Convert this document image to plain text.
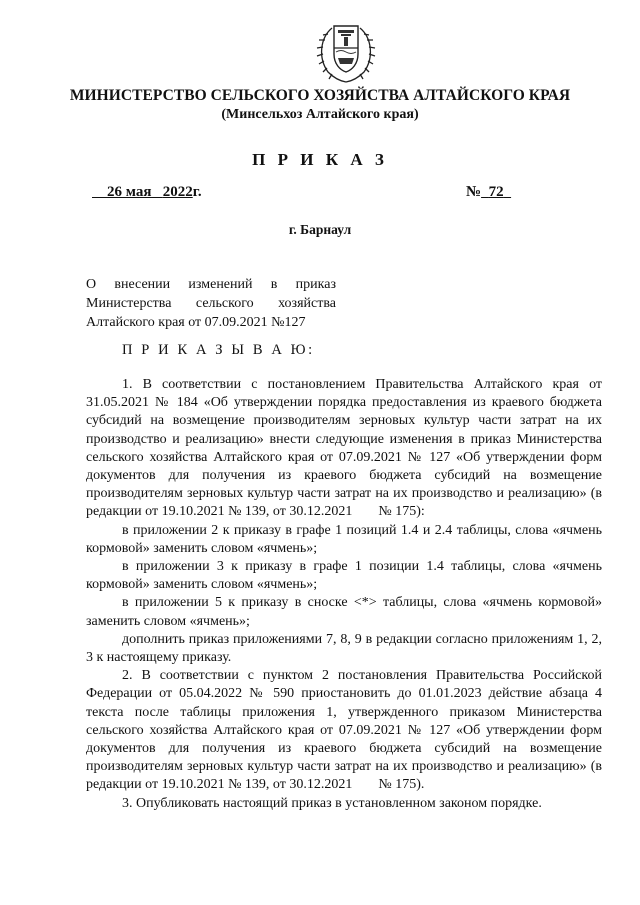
МИНИСТЕРСТВО СЕЛЬСКОГО ХОЗЯЙСТВА АЛТАЙСКОГО КРАЯ
(Минсельхоз Алтайского края)
П Р И К А З
26 мая 2022г.	№ 72
г. Барнаул
О внесении изменений в приказ Министерства сельского хозяйства Алтайского края от 07.09.2021 №127
П Р И К А З Ы В А Ю:

1. В соответствии с постановлением Правительства Алтайского края от 31.05.2021 № 184 «Об утверждении порядка предоставления из краевого бюджета субсидий на возмещение производителям зерновых культур части затрат на их производство и реализацию» внести следующие изменения в приказ Министерства сельского хозяйства Алтайского края от 07.09.2021 № 127 «Об утверждении форм документов для получения из краевого бюджета субсидий на возмещение производителям зерновых культур части затрат на их производство и реализацию» (в редакции от 19.10.2021 № 139, от 30.12.2021 № 175):

в приложении 2 к приказу в графе 1 позиций 1.4 и 2.4 таблицы, слова «ячмень кормовой» заменить словом «ячмень»;

в приложении 3 к приказу в графе 1 позиции 1.4 таблицы, слова «ячмень кормовой» заменить словом «ячмень»;

в приложении 5 к приказу в сноске <*> таблицы, слова «ячмень кормовой» заменить словом «ячмень»;

дополнить приказ приложениями 7, 8, 9 в редакции согласно приложениям 1, 2, 3 к настоящему приказу.

2. В соответствии с пунктом 2 постановления Правительства Российской Федерации от 05.04.2022 № 590 приостановить до 01.01.2023 действие абзаца 4 текста после таблицы приложения 1, утвержденного приказом Министерства сельского хозяйства Алтайского края от 07.09.2021 № 127 «Об утверждении форм документов для получения из краевого бюджета субсидий на возмещение производителям зерновых культур части затрат на их производство и реализацию» (в редакции от 19.10.2021 № 139, от 30.12.2021 № 175).

3. Опубликовать настоящий приказ в установленном законом порядке.
